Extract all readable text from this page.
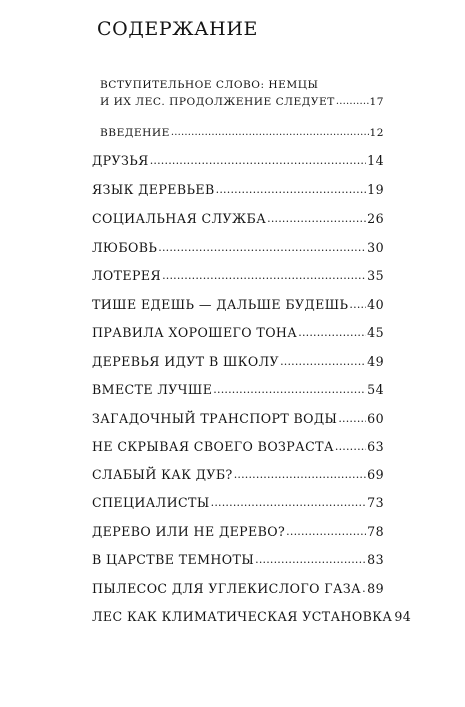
СОДЕРЖАНИЕ
ВСТУПИТЕЛЬНОЕ СЛОВО: НЕМЦЫ
И ИХ ЛЕС. ПРОДОЛЖЕНИЕ СЛЕДУЕТ .....	17
ВВЕДЕНИЕ .....	12
ДРУЗЬЯ .....	14
ЯЗЫК ДЕРЕВЬЕВ .....	19
СОЦИАЛЬНАЯ СЛУЖБА .....	26
ЛЮБОВЬ .....	30
ЛОТЕРЕЯ .....	35
ТИШЕ ЕДЕШЬ — ДАЛЬШЕ БУДЕШЬ ..... 40
ПРАВИЛА ХОРОШЕГО ТОНА .....	45
ДЕРЕВЬЯ ИДУТ В ШКОЛУ .....	49
ВМЕСТЕ ЛУЧШЕ .....	54
ЗАГАДОЧНЫЙ ТРАНСПОРТ ВОДЫ ..... 60
НЕ СКРЫВАЯ СВОЕГО ВОЗРАСТА .....	63
СЛАБЫЙ КАК ДУБ? .....	69
СПЕЦИАЛИСТЫ .....	73
ДЕРЕВО ИЛИ НЕ ДЕРЕВО? .....	78
В ЦАРСТВЕ ТЕМНОТЫ .....	83
ПЫЛЕСОС ДЛЯ УГЛЕКИСЛОГО ГАЗА ..... 89
ЛЕС КАК КЛИМАТИЧЕСКАЯ УСТАНОВКА 94
